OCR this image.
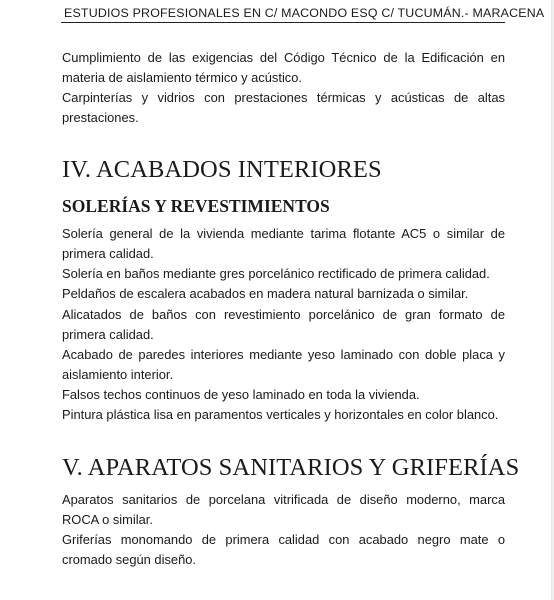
ESTUDIOS PROFESIONALES EN C/ MACONDO ESQ C/ TUCUMÁN.- MARACENA

Cumplimiento de las exigencias del Código Técnico de la Edificación en materia de aislamiento térmico y acústico.

Carpinterías y vidrios con prestaciones térmicas y acústicas de altas prestaciones.

IV. ACABADOS INTERIORES
SOLERÍAS Y REVESTIMIENTOS

Solería general de la vivienda mediante tarima flotante AC5 o similar de primera calidad.

Solería en baños mediante gres porcelánico rectificado de primera calidad.

Peldaños de escalera acabados en madera natural barnizada o similar.

Alicatados de baños con revestimiento porcelánico de gran formato de primera calidad.

Acabado de paredes interiores mediante yeso laminado con doble placa y aislamiento interior.

Falsos techos continuos de yeso laminado en toda la vivienda.

Pintura plástica lisa en paramentos verticales y horizontales en color blanco.

V. APARATOS SANITARIOS Y GRIFERÍAS

Aparatos sanitarios de porcelana vitrificada de diseño moderno, marca ROCA o similar.

Griferías monomando de primera calidad con acabado negro mate o cromado según diseño.
